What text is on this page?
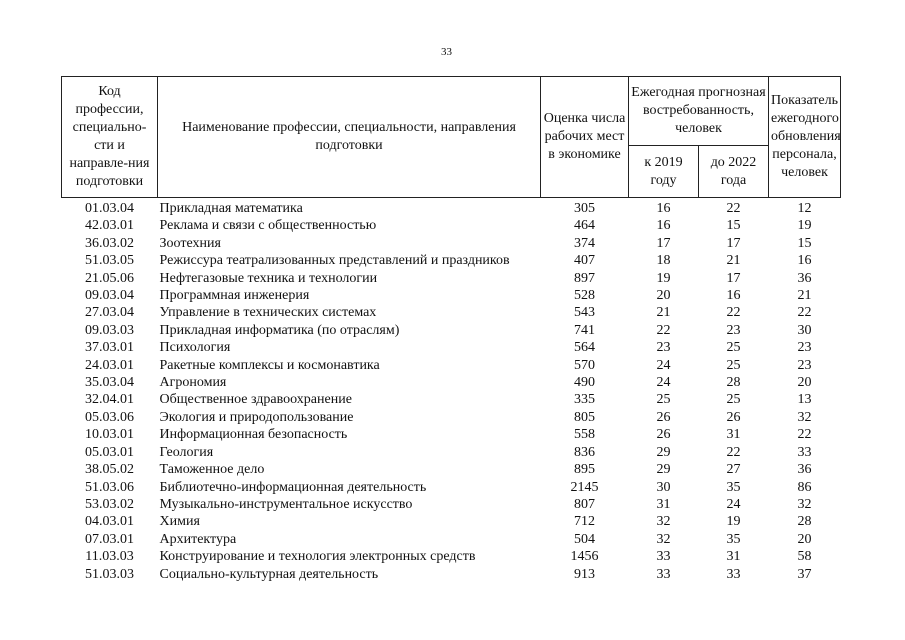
33
Код профессии, специально-сти и направле-ния подготовки	Наименование профессии, специальности, направления подготовки	Оценка числа рабочих мест в экономике	Ежегодная прогнозная востребованность, человек		Показатель ежегодного обновления персонала, человек
			к 2019 году	до 2022 года	
01.03.04	Прикладная математика	305	16	22	12
42.03.01	Реклама и связи с общественностью	464	16	15	19
36.03.02	Зоотехния	374	17	17	15
51.03.05	Режиссура театрализованных представлений и праздников	407	18	21	16
21.05.06	Нефтегазовые техника и технологии	897	19	17	36
09.03.04	Программная инженерия	528	20	16	21
27.03.04	Управление в технических системах	543	21	22	22
09.03.03	Прикладная информатика (по отраслям)	741	22	23	30
37.03.01	Психология	564	23	25	23
24.03.01	Ракетные комплексы и космонавтика	570	24	25	23
35.03.04	Агрономия	490	24	28	20
32.04.01	Общественное здравоохранение	335	25	25	13
05.03.06	Экология и природопользование	805	26	26	32
10.03.01	Информационная безопасность	558	26	31	22
05.03.01	Геология	836	29	22	33
38.05.02	Таможенное дело	895	29	27	36
51.03.06	Библиотечно-информационная деятельность	2145	30	35	86
53.03.02	Музыкально-инструментальное искусство	807	31	24	32
04.03.01	Химия	712	32	19	28
07.03.01	Архитектура	504	32	35	20
11.03.03	Конструирование и технология электронных средств	1456	33	31	58
51.03.03	Социально-культурная деятельность	913	33	33	37
